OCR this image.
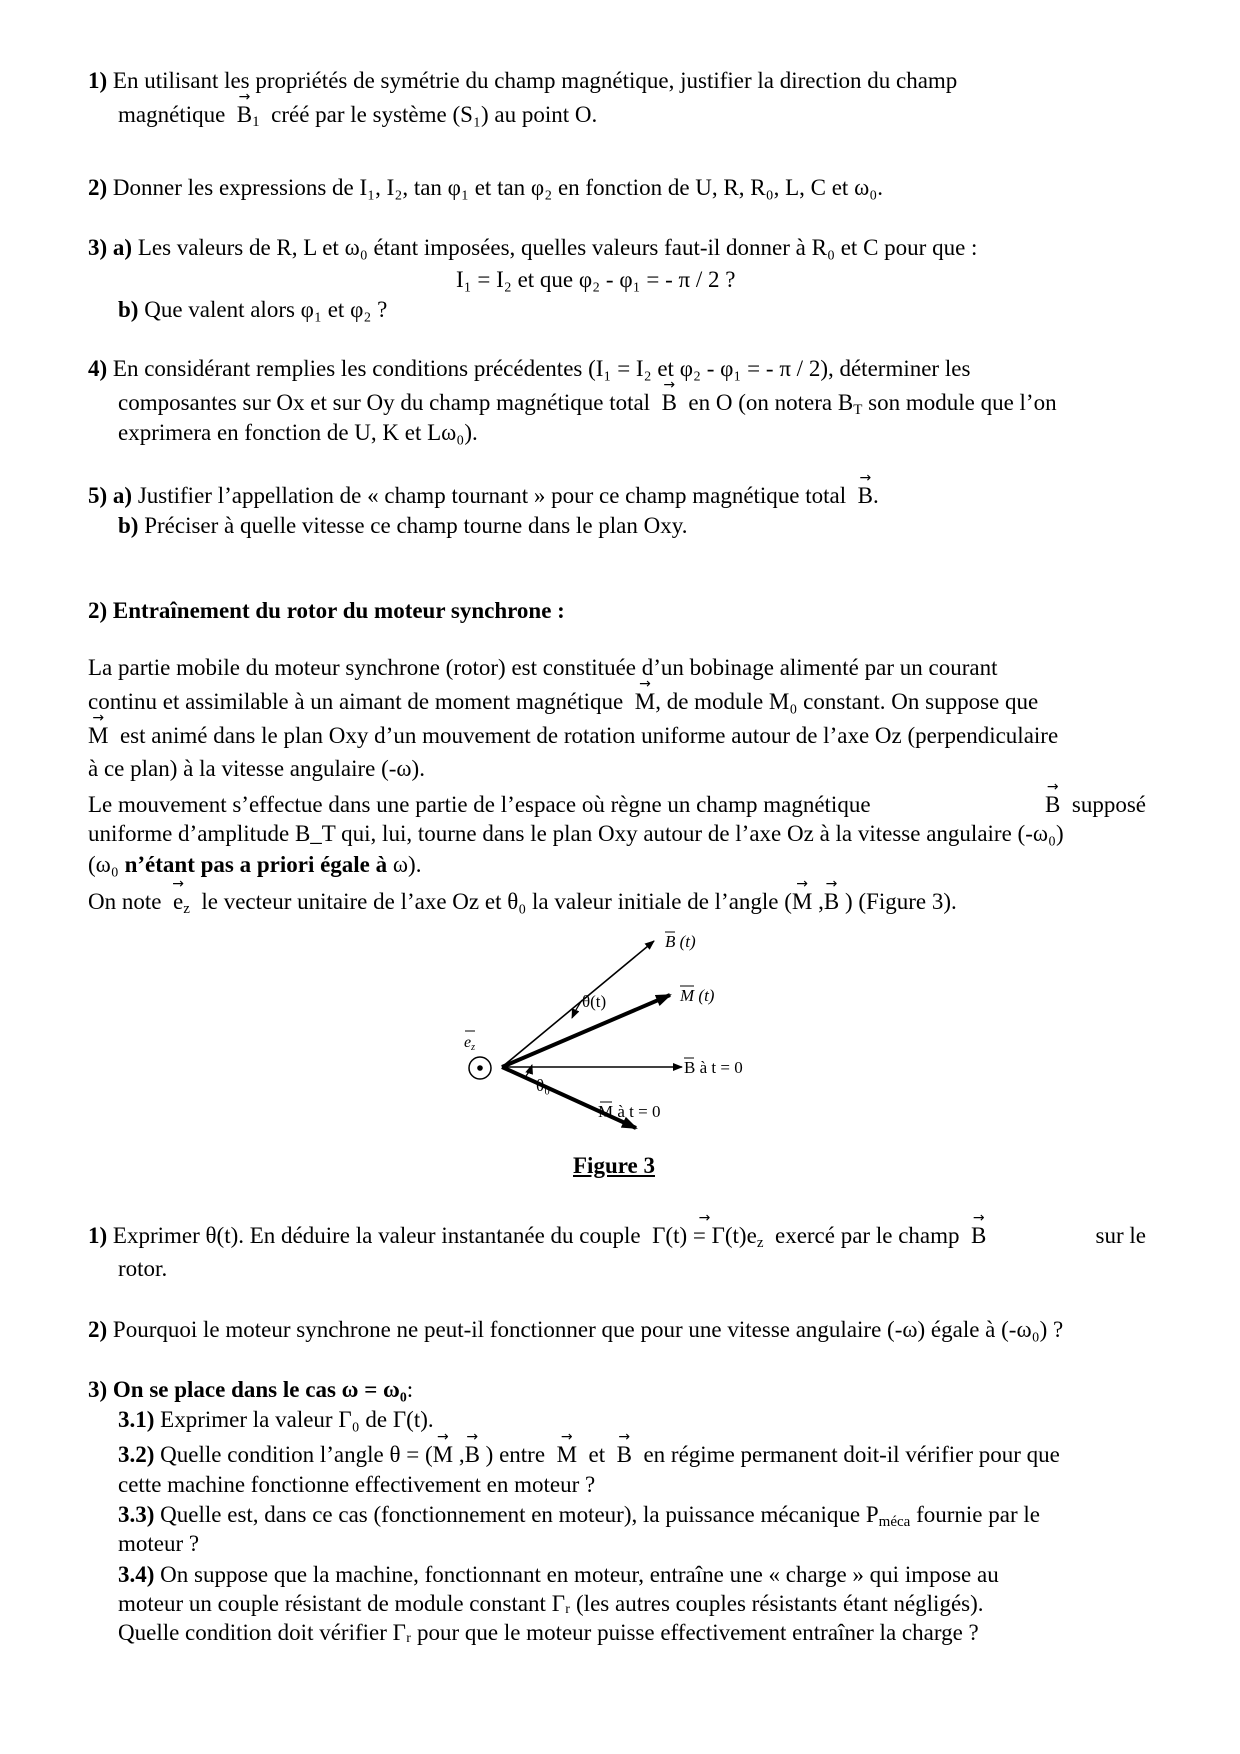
1) En utilisant les propriétés de symétrie du champ magnétique, justifier la direction du champ
magnétique → $B_1$ créé par le système (S₁) au point O.
2) Donner les expressions de I₁, I₂, tan φ₁ et tan φ₂ en fonction de U, R, R₀, L, C et ω₀.
3) a) Les valeurs de R, L et ω₀ étant imposées, quelles valeurs faut-il donner à R₀ et C pour que :
I₁ = I₂ et que φ₂ - φ₁ = - π / 2 ?
b) Que valent alors φ₁ et φ₂ ?
4) En considérant remplies les conditions précédentes (I₁ = I₂ et φ₂ - φ₁ = - π / 2), déterminer les
composantes sur Ox et sur Oy du champ magnétique total → B en O (on notera $B_T$ son module que l’on
exprimera en fonction de U, K et Lω₀).
5) a) Justifier l’appellation de « champ tournant » pour ce champ magnétique total → B.
b) Préciser à quelle vitesse ce champ tourne dans le plan Oxy.
2) Entraînement du rotor du moteur synchrone :
La partie mobile du moteur synchrone (rotor) est constituée d’un bobinage alimenté par un courant
continu et assimilable à un aimant de moment magnétique → M, de module M₀ constant. On suppose que
→ M est animé dans le plan Oxy d’un mouvement de rotation uniforme autour de l’axe Oz (perpendiculaire
à ce plan) à la vitesse angulaire (-ω).
Le mouvement s’effectue dans une partie de l’espace où règne un champ magnétique	→ B supposé
uniforme d’amplitude B_T qui, lui, tourne dans le plan Oxy autour de l’axe Oz à la vitesse angulaire (-ω₀)
(ω₀ n’étant pas a priori égale à ω).
On note → $e_z$ le vecteur unitaire de l’axe Oz et θ₀ la valeur initiale de l’angle (→ M ,→ B ) (Figure 3).
ez
B (t)
M (t)
θ(t)
B à t = 0
M à t = 0
θ₀
Figure 3
1) Exprimer θ(t). En déduire la valeur instantanée du couple → $\Gamma(t) = \Gamma(t)e_z$ exercé par le champ → B	sur le
rotor.
2) Pourquoi le moteur synchrone ne peut-il fonctionner que pour une vitesse angulaire (-ω) égale à (-ω₀) ?
3) On se place dans le cas ω = ω₀:
3.1) Exprimer la valeur Γ₀ de Γ(t).
3.2) Quelle condition l’angle θ = (→ M ,→ B ) entre → M et → B en régime permanent doit-il vérifier pour que
cette machine fonctionne effectivement en moteur ?
3.3) Quelle est, dans ce cas (fonctionnement en moteur), la puissance mécanique $P_{méca}$ fournie par le
moteur ?
3.4) On suppose que la machine, fonctionnant en moteur, entraîne une « charge » qui impose au
moteur un couple résistant de module constant Γᵣ (les autres couples résistants étant négligés).
Quelle condition doit vérifier Γᵣ pour que le moteur puisse effectivement entraîner la charge ?
